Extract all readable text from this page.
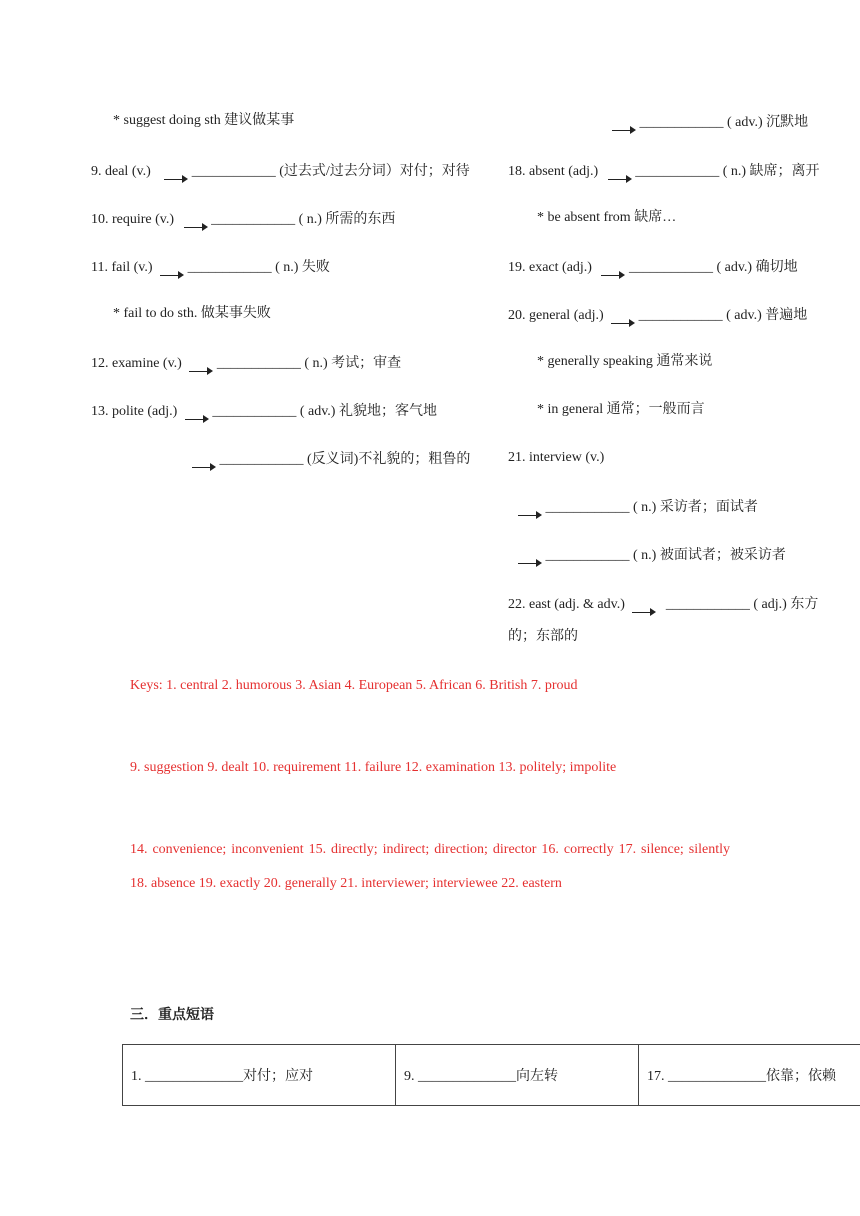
* suggest doing sth 建议做某事
9. deal (v.)	____________ (过去式/过去分词）对付；对待
10. require (v.)	____________ ( n.) 所需的东西
11. fail (v.)	____________ ( n.) 失败
* fail to do sth. 做某事失败
12. examine (v.)	____________ ( n.) 考试；审查
13. polite (adj.)	____________ ( adv.) 礼貌地；客气地
____________ (反义词)不礼貌的；粗鲁的
____________ ( adv.) 沉默地
18. absent (adj.)	____________ ( n.) 缺席；离开
* be absent from 缺席…
19. exact (adj.)	____________ ( adv.) 确切地
20. general (adj.)	____________ ( adv.) 普遍地
* generally speaking 通常来说
* in general 通常；一般而言
21. interview (v.)
____________ ( n.) 采访者；面试者
____________ ( n.) 被面试者；被采访者
22. east (adj. & adv.)	____________ ( adj.) 东方
的；东部的
Keys: 1. central 2. humorous 3. Asian 4. European 5. African 6. British 7. proud
9. suggestion 9. dealt 10. requirement 11. failure 12. examination 13. politely; impolite
14. convenience; inconvenient 15. directly; indirect; direction; director 16. correctly 17. silence; silently 18. absence 19. exactly 20. generally 21. interviewer; interviewee 22. eastern
三．重点短语
1. ______________对付；应对	9. ______________向左转	17. ______________依靠；依赖
